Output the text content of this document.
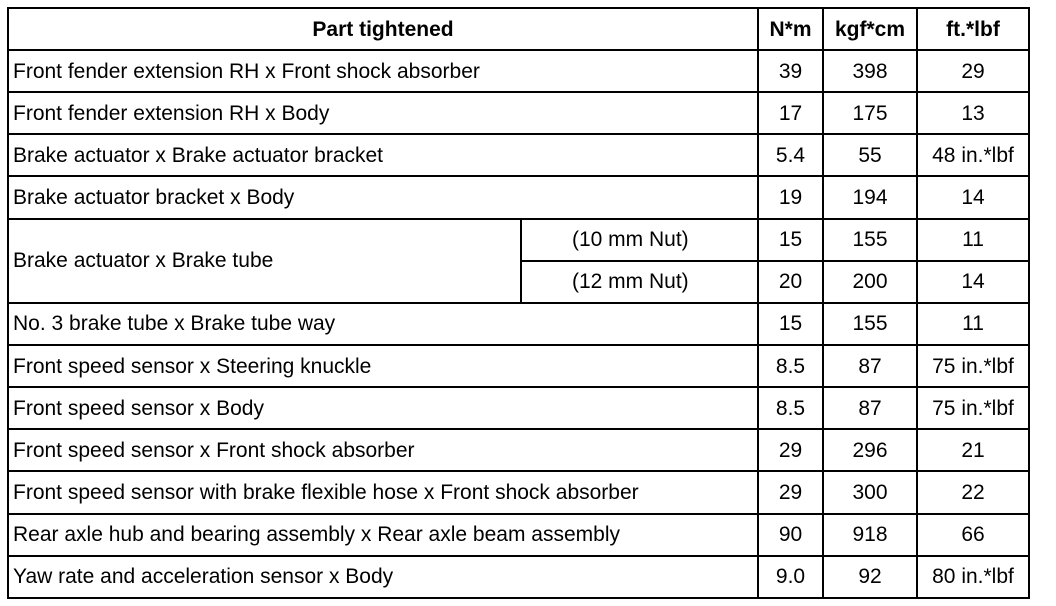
Part tightened		N*m	kgf*cm	ft.*lbf
Front fender extension RH x Front shock absorber		39	398	29
Front fender extension RH x Body		17	175	13
Brake actuator x Brake actuator bracket		5.4	55	48 in.*lbf
Brake actuator bracket x Body		19	194	14
Brake actuator x Brake tube	(10 mm Nut)	15	155	11
	(12 mm Nut)	20	200	14
No. 3 brake tube x Brake tube way		15	155	11
Front speed sensor x Steering knuckle		8.5	87	75 in.*lbf
Front speed sensor x Body		8.5	87	75 in.*lbf
Front speed sensor x Front shock absorber		29	296	21
Front speed sensor with brake flexible hose x Front shock absorber		29	300	22
Rear axle hub and bearing assembly x Rear axle beam assembly		90	918	66
Yaw rate and acceleration sensor x Body		9.0	92	80 in.*lbf
